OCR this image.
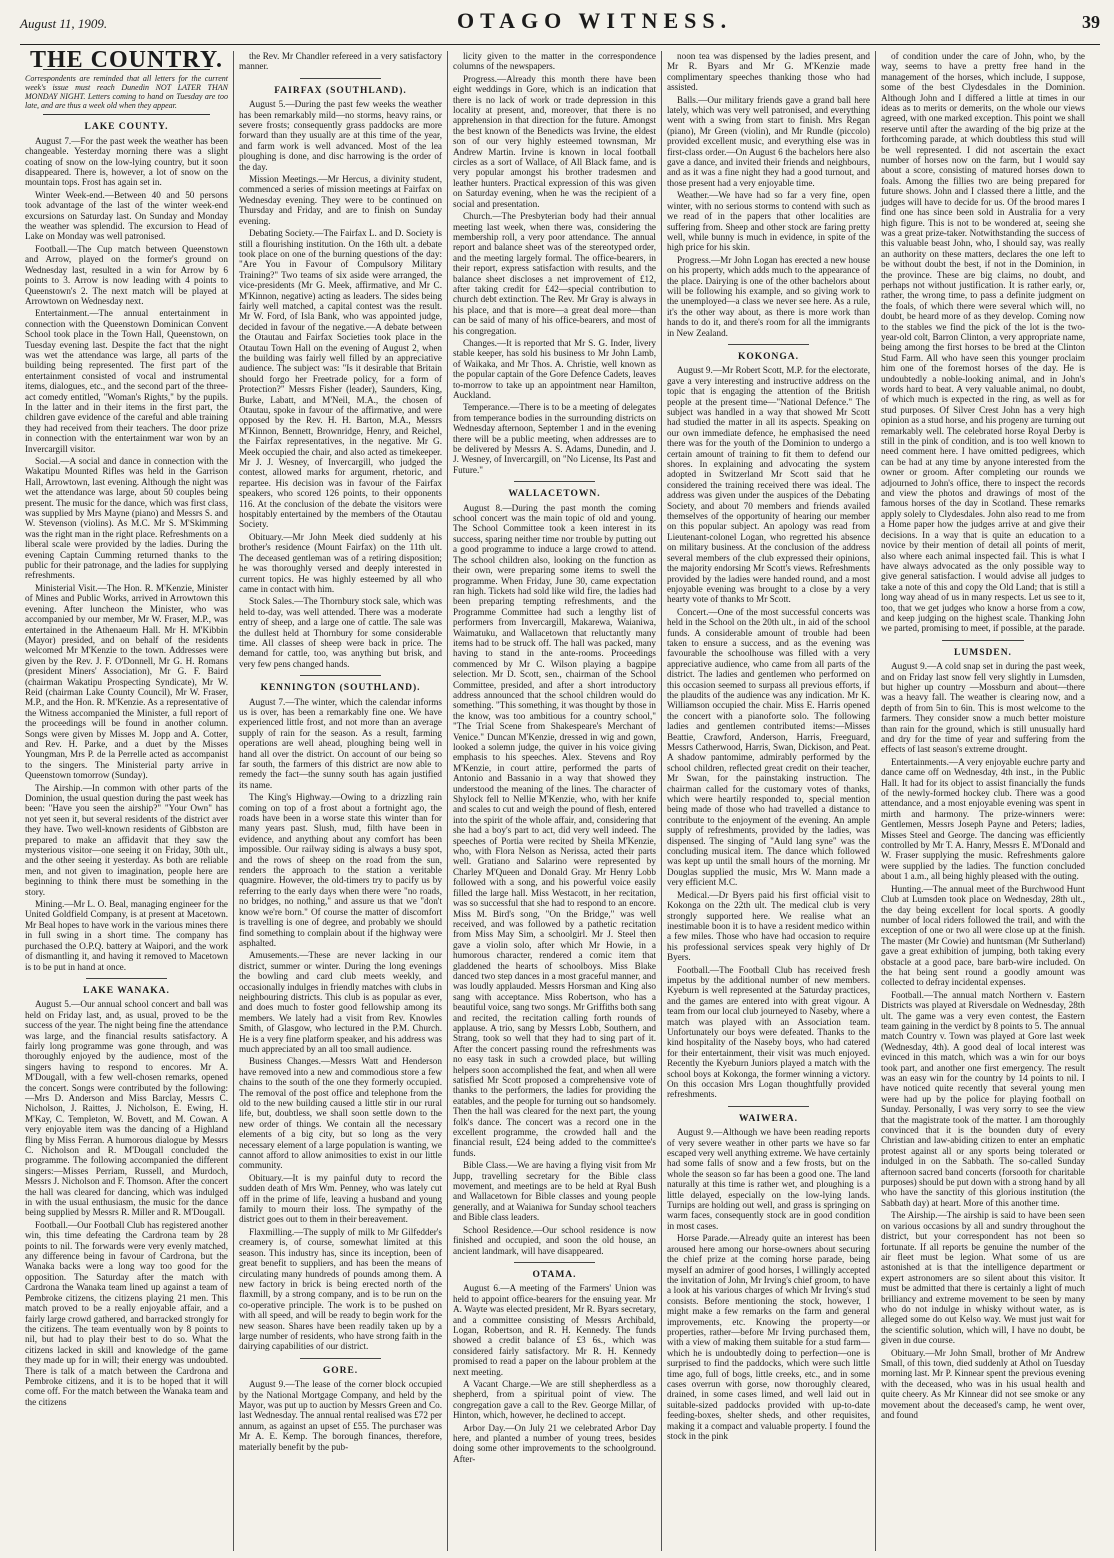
August 11, 1909.	OTAGO WITNESS.	39
THE COUNTRY.
Correspondents are reminded that all letters for the current week's issue must reach Dunedin NOT LATER THAN MONDAY NIGHT. Letters coming to hand on Tuesday are too late, and are thus a week old when they appear.
LAKE COUNTY.

August 7.—For the past week the weather has been changeable. Yesterday morning there was a slight coating of snow on the low-lying country, but it soon disappeared. There is, however, a lot of snow on the mountain tops. Frost has again set in.

Winter Week-end.—Between 40 and 50 persons took advantage of the last of the winter week-end excursions on Saturday last. On Sunday and Monday the weather was splendid. The excursion to Head of Lake on Monday was well patronised.

Football.—The Cup match between Queenstown and Arrow, played on the former's ground on Wednesday last, resulted in a win for Arrow by 6 points to 3. Arrow is now leading with 4 points to Queenstown's 2. The next match will be played at Arrowtown on Wednesday next.

Entertainment.—The annual entertainment in connection with the Queenstown Dominican Convent School took place in the Town Hall, Queenstown, on Tuesday evening last. Despite the fact that the night was wet the attendance was large, all parts of the building being represented. The first part of the entertainment consisted of vocal and instrumental items, dialogues, etc., and the second part of the three-act comedy entitled, "Woman's Rights," by the pupils. In the latter and in their items in the first part, the children gave evidence of the careful and able training they had received from their teachers. The door prize in connection with the entertainment war won by an Invercargill visitor.

Social.—A social and dance in connection with the Wakatipu Mounted Rifles was held in the Garrison Hall, Arrowtown, last evening. Although the night was wet the attendance was large, about 50 couples being present. The music for the dance, which was first class, was supplied by Mrs Mayne (piano) and Messrs S. and W. Stevenson (violins). As M.C. Mr S. M'Skimming was the right man in the right place. Refreshments on a liberal scale were provided by the ladies. During the evening Captain Cumming returned thanks to the public for their patronage, and the ladies for supplying refreshments.

Ministerial Visit.—The Hon. R. M'Kenzie, Minister of Mines and Public Works, arrived in Arrowtown this evening. After luncheon the Minister, who was accompanied by our member, Mr W. Fraser, M.P., was entertained in the Athenaeum Hall. Mr H. M'Kibbin (Mayor) presided, and on behalf of the residents welcomed Mr M'Kenzie to the town. Addresses were given by the Rev. J. F. O'Donnell, Mr G. H. Romans (president Miners' Association), Mr G. F. Baird (chairman Wakatipu Prospecting Syndicate), Mr W. Reid (chairman Lake County Council), Mr W. Fraser, M.P., and the Hon. R. M'Kenzie. As a representative of the Witness accompanied the Minister, a full report of the proceedings will be found in another column. Songs were given by Misses M. Jopp and A. Cotter, and Rev. H. Parke, and a duet by the Misses Youngman, Mrs P. de la Perrelle acted as accompanist to the singers. The Ministerial party arrive in Queenstown tomorrow (Sunday).

The Airship.—In common with other parts of the Dominion, the usual question during the past week has been: "Have you seen the airship?" "Your Own" has not yet seen it, but several residents of the district aver they have. Two well-known residents of Gibbston are prepared to make an affidavit that they saw the mysterious visitor—one seeing it on Friday, 30th ult., and the other seeing it yesterday. As both are reliable men, and not given to imagination, people here are beginning to think there must be something in the story.

Mining.—Mr L. O. Beal, managing engineer for the United Goldfield Company, is at present at Macetown. Mr Beal hopes to have work in the various mines there in full swing in a short time. The company has purchased the O.P.Q. battery at Waipori, and the work of dismantling it, and having it removed to Macetown is to be put in hand at once.

LAKE WANAKA.

August 5.—Our annual school concert and ball was held on Friday last, and, as usual, proved to be the success of the year. The night being fine the attendance was large, and the financial results satisfactory. A fairly long programme was gone through, and was thoroughly enjoyed by the audience, most of the singers having to respond to encores. Mr A. M'Dougall, with a few well-chosen remarks, opened the concert. Songs were contributed by the following:—Mrs D. Anderson and Miss Barclay, Messrs C. Nicholson, J. Raittes, J. Nicholson, E. Ewing, H. M'Kay, C. Templeton, W. Bovett, and M. Cowan. A very enjoyable item was the dancing of a Highland fling by Miss Ferran. A humorous dialogue by Messrs C. Nicholson and R. M'Dougall concluded the programme. The following accompanied the different singers:—Misses Perriam, Russell, and Murdoch, Messrs J. Nicholson and F. Thomson. After the concert the hall was cleared for dancing, which was indulged in with the usual enthusiasm, the music for the dance being supplied by Messrs R. Miller and R. M'Dougall.

Football.—Our Football Club has registered another win, this time defeating the Cardrona team by 28 points to nil. The forwards were very evenly matched, any difference being in favour of Cardrona, but the Wanaka backs were a long way too good for the opposition. The Saturday after the match with Cardrona the Wanaka team lined up against a team of Pembroke citizens, the citizens playing 21 men. This match proved to be a really enjoyable affair, and a fairly large crowd gathered, and barracked strongly for the citizens. The team eventually won by 8 points to nil, but had to play their best to do so. What the citizens lacked in skill and knowledge of the game they made up for in will; their energy was undoubted. There is talk of a match between the Cardrona and Pembroke citizens, and it is to be hoped that it will come off. For the match between the Wanaka team and the citizens

the Rev. Mr Chandler refereed in a very satisfactory manner.

FAIRFAX (SOUTHLAND).

August 5.—During the past few weeks the weather has been remarkably mild—no storms, heavy rains, or severe frosts; consequently grass paddocks are more forward than they usually are at this time of the year, and farm work is well advanced. Most of the lea ploughing is done, and disc harrowing is the order of the day.

Mission Meetings.—Mr Hercus, a divinity student, commenced a series of mission meetings at Fairfax on Wednesday evening. They were to be continued on Thursday and Friday, and are to finish on Sunday evening.

Debating Society.—The Fairfax L. and D. Society is still a flourishing institution. On the 16th ult. a debate took place on one of the burning questions of the day: "Are You in Favour of Compulsory Military Training?" Two teams of six aside were arranged, the vice-presidents (Mr G. Meek, affirmative, and Mr C. M'Kinnon, negative) acting as leaders. The sides being fairly well matched, a capital contest was the result. Mr W. Ford, of Isla Bank, who was appointed judge, decided in favour of the negative.—A debate between the Otautau and Fairfax Societies took place in the Otautau Town Hall on the evening of August 2, when the building was fairly well filled by an appreciative audience. The subject was: "Is it desirable that Britain should forgo her Freetrade policy, for a form of Protection?" Messrs Fisher (leader), Saunders, King, Burke, Labatt, and M'Neil, M.A., the chosen of Otautau, spoke in favour of the affirmative, and were opposed by the Rev. H. H. Barton, M.A., Messrs M'Kinnon, Bennett, Brownridge, Henry, and Reichel, the Fairfax representatives, in the negative. Mr G. Meek occupied the chair, and also acted as timekeeper. Mr J. J. Wesney, of Invercargill, who judged the contest, allowed marks for argument, rhetoric, and repartee. His decision was in favour of the Fairfax speakers, who scored 126 points, to their opponents 116. At the conclusion of the debate the visitors were hospitably entertained by the members of the Otautau Society.

Obituary.—Mr John Meek died suddenly at his brother's residence (Mount Fairfax) on the 11th ult. The deceased gentleman was of a retiring disposition; he was thoroughly versed and deeply interested in current topics. He was highly esteemed by all who came in contact with him.

Stock Sales.—The Thornbury stock sale, which was held to-day, was well attended. There was a moderate entry of sheep, and a large one of cattle. The sale was the dullest held at Thornbury for some considerable time. All classes of sheep were back in price. The demand for cattle, too, was anything but brisk, and very few pens changed hands.

KENNINGTON (SOUTHLAND).

August 7.—The winter, which the calendar informs us is over, has been a remarkably fine one. We have experienced little frost, and not more than an average supply of rain for the season. As a result, farming operations are well ahead, ploughing being well in hand all over the district. On account of our being so far south, the farmers of this district are now able to remedy the fact—the sunny south has again justified its name.

The King's Highway.—Owing to a drizzling rain coming on top of a frost about a fortnight ago, the roads have been in a worse state this winter than for many years past. Slush, mud, filth have been in evidence, and anything about any comfort has been impossible. Our railway siding is always a busy spot, and the rows of sheep on the road from the sun, renders the approach to the station a veritable quagmire. However, the old-timers try to pacify us by referring to the early days when there were "no roads, no bridges, no nothing," and assure us that we "don't know we're born." Of course the matter of discomfort is travelling is one of degree, and probably we should find something to complain about if the highway were asphalted.

Amusements.—These are never lacking in our district, summer or winter. During the long evenings the bowling and card club meets weekly, and occasionally indulges in friendly matches with clubs in neighbouring districts. This club is as popular as ever, and does much to foster good fellowship among its members. We lately had a visit from Rev. Knowles Smith, of Glasgow, who lectured in the P.M. Church. He is a very fine platform speaker, and his address was much appreciated by an all too small audience.

Business Changes.—Messrs Watt and Henderson have removed into a new and commodious store a few chains to the south of the one they formerly occupied. The removal of the post office and telephone from the old to the new building caused a little stir in our rural life, but, doubtless, we shall soon settle down to the new order of things. We contain all the necessary elements of a big city, but so long as the very necessary element of a large population is wanting, we cannot afford to allow animosities to exist in our little community.

Obituary.—It is my painful duty to record the sudden death of Mrs Wm. Penney, who was lately cut off in the prime of life, leaving a husband and young family to mourn their loss. The sympathy of the district goes out to them in their bereavement.

Flaxmilling.—The supply of milk to Mr Gilfedder's creamery is, of course, somewhat limited at this season. This industry has, since its inception, been of great benefit to suppliers, and has been the means of circulating many hundreds of pounds among them. A new factory in brick is being erected north of the flaxmill, by a strong company, and is to be run on the co-operative principle. The work is to be pushed on with all speed, and will be ready to begin work for the new season. Shares have been readily taken up by a large number of residents, who have strong faith in the dairying capabilities of our district.

GORE.

August 9.—The lease of the corner block occupied by the National Mortgage Company, and held by the Mayor, was put up to auction by Messrs Green and Co. last Wednesday. The annual rental realised was £72 per annum, as against an upset of £55. The purchaser was Mr A. E. Kemp. The borough finances, therefore, materially benefit by the pub-

licity given to the matter in the correspondence columns of the newspapers.

Progress.—Already this month there have been eight weddings in Gore, which is an indication that there is no lack of work or trade depression in this locality at present, and, moreover, that there is no apprehension in that direction for the future. Amongst the best known of the Benedicts was Irvine, the eldest son of our very highly esteemed townsman, Mr Andrew Martin. Irvine is known in local football circles as a sort of Wallace, of All Black fame, and is very popular amongst his brother tradesmen and leather hunters. Practical expression of this was given on Saturday evening, when he was the recipient of a social and presentation.

Church.—The Presbyterian body had their annual meeting last week, when there was, considering the membership roll, a very poor attendance. The annual report and balance sheet was of the stereotyped order, and the meeting largely formal. The office-bearers, in their report, express satisfaction with results, and the balance sheet discloses a net improvement of £12, after taking credit for £42—special contribution to church debt extinction. The Rev. Mr Gray is always in his place, and that is more—a great deal more—than can be said of many of his office-bearers, and most of his congregation.

Changes.—It is reported that Mr S. G. Inder, livery stable keeper, has sold his business to Mr John Lamb, of Waikaka, and Mr Thos. A. Christie, well known as the popular captain of the Gore Defence Cadets, leaves to-morrow to take up an appointment near Hamilton, Auckland.

Temperance.—There is to be a meeting of delegates from temperance bodies in the surrounding districts on Wednesday afternoon, September 1 and in the evening there will be a public meeting, when addresses are to be delivered by Messrs A. S. Adams, Dunedin, and J. J. Wesney, of Invercargill, on "No License, Its Past and Future."

WALLACETOWN.

August 8.—During the past month the coming school concert was the main topic of old and young. The School Committee took a keen interest in its success, sparing neither time nor trouble by putting out a good programme to induce a large crowd to attend. The school children also, looking on the function as their own, were preparing some items to swell the programme. When Friday, June 30, came expectation ran high. Tickets had sold like wild fire, the ladies had been preparing tempting refreshments, and the Programme Committee had such a lengthy list of performers from Invercargill, Makarewa, Waianiwa, Waimatuku, and Wallacetown that reluctantly many items had to be struck off. The hall was packed, many having to stand in the ante-rooms. Proceedings commenced by Mr C. Wilson playing a bagpipe selection. Mr D. Scott, sen., chairman of the School Committee, presided, and after a short introductory address announced that the school children would do something. "This something, it was thought by those in the know, was too ambitious for a country school," "The Trial Scene from Shakespeare's Merchant of Venice." Duncan M'Kenzie, dressed in wig and gown, looked a solemn judge, the quiver in his voice giving emphasis to his speeches. Alex. Stevens and Roy M'Kenzie, in court attire, performed the parts of Antonio and Bassanio in a way that showed they understood the meaning of the lines. The character of Shylock fell to Nellie M'Kenzie, who, with her knife and scales to cut and weigh the pound of flesh, entered into the spirit of the whole affair, and, considering that she had a boy's part to act, did very well indeed. The speeches of Portia were recited by Sheila M'Kenzie, who, with Flora Nelson as Nerissa, acted their parts well. Gratiano and Salarino were represented by Charley M'Queen and Donald Gray. Mr Henry Lobb followed with a song, and his powerful voice easily filled the large hall. Miss Westacott, in her recitation, was so successful that she had to respond to an encore. Miss M. Bird's song, "On the Bridge," was well received, and was followed by a pathetic recitation from Miss May Sim, a schoolgirl. Mr J. Steel then gave a violin solo, after which Mr Howie, in a humorous character, rendered a comic item that gladdened the hearts of schoolboys. Miss Blake danced two step dances in a most graceful manner, and was loudly applauded. Messrs Horsman and King also sang with acceptance. Miss Robertson, who has a beautiful voice, sang two songs. Mr Griffiths both sang and recited, the recitation calling forth rounds of applause. A trio, sang by Messrs Lobb, Southern, and Strang, took so well that they had to sing part of it. After the concert passing round the refreshments was no easy task in such a crowded place, but willing helpers soon accomplished the feat, and when all were satisfied Mr Scott proposed a comprehensive vote of thanks to the performers, the ladies for providing the eatables, and the people for turning out so handsomely. Then the hall was cleared for the next part, the young folk's dance. The concert was a record one in the excellent programme, the crowded hall and the financial result, £24 being added to the committee's funds.

Bible Class.—We are having a flying visit from Mr Jupp, travelling secretary for the Bible class movement, and meetings are to be held at Ryal Bush and Wallacetown for Bible classes and young people generally, and at Waianiwa for Sunday school teachers and Bible class leaders.

School Residence.—Our school residence is now finished and occupied, and soon the old house, an ancient landmark, will have disappeared.

OTAMA.

August 6.—A meeting of the Farmers' Union was held to appoint office-bearers for the ensuing year. Mr A. Wayte was elected president, Mr R. Byars secretary, and a committee consisting of Messrs Archibald, Logan, Robertson, and R. H. Kennedy. The funds showed a credit balance of £3 6s., which was considered fairly satisfactory. Mr R. H. Kennedy promised to read a paper on the labour problem at the next meeting.

A Vacant Charge.—We are still shepherdless as a shepherd, from a spiritual point of view. The congregation gave a call to the Rev. George Millar, of Hinton, which, however, he declined to accept.

Arbor Day.—On July 21 we celebrated Arbor Day here, and planted a number of young trees, besides doing some other improvements to the schoolground. After-

noon tea was dispensed by the ladies present, and Mr R. Byars and Mr G. M'Kenzie made complimentary speeches thanking those who had assisted.

Balls.—Our military friends gave a grand ball here lately, which was very well patronised, and everything went with a swing from start to finish. Mrs Regan (piano), Mr Green (violin), and Mr Rundle (piccolo) provided excellent music, and everything else was in first-class order.—On August 6 the bachelors here also gave a dance, and invited their friends and neighbours, and as it was a fine night they had a good turnout, and those present had a very enjoyable time.

Weather.—We have had so far a very fine, open winter, with no serious storms to contend with such as we read of in the papers that other localities are suffering from. Sheep and other stock are faring pretty well, while bunny is much in evidence, in spite of the high price for his skin.

Progress.—Mr John Logan has erected a new house on his property, which adds much to the appearance of the place. Dairying is one of the other bachelors about will be following his example, and so giving work to the unemployed—a class we never see here. As a rule, it's the other way about, as there is more work than hands to do it, and there's room for all the immigrants in New Zealand.

KOKONGA.

August 9.—Mr Robert Scott, M.P. for the electorate, gave a very interesting and instructive address on the topic that is engaging the attention of the British people at the present time—"National Defence." The subject was handled in a way that showed Mr Scott had studied the matter in all its aspects. Speaking on our own immediate defence, he emphasised the need there was for the youth of the Dominion to undergo a certain amount of training to fit them to defend our shores. In explaining and advocating the system adopted in Switzerland Mr Scott said that he considered the training received there was ideal. The address was given under the auspices of the Debating Society, and about 70 members and friends availed themselves of the opportunity of hearing our member on this popular subject. An apology was read from Lieutenant-colonel Logan, who regretted his absence on military business. At the conclusion of the address several members of the club expressed their opinions, the majority endorsing Mr Scott's views. Refreshments provided by the ladies were handed round, and a most enjoyable evening was brought to a close by a very hearty vote of thanks to Mr Scott.

Concert.—One of the most successful concerts was held in the School on the 20th ult., in aid of the school funds. A considerable amount of trouble had been taken to ensure a success, and as the evening was favourable the schoolhouse was filled with a very appreciative audience, who came from all parts of the district. The ladies and gentlemen who performed on this occasion seemed to surpass all previous efforts, if the plaudits of the audience was any indication. Mr K. Williamson occupied the chair. Miss E. Harris opened the concert with a pianoforte solo. The following ladies and gentlemen contributed items:—Misses Beattie, Crawford, Anderson, Harris, Freeguard, Messrs Catherwood, Harris, Swan, Dickison, and Peat. A shadow pantomime, admirably performed by the school children, reflected great credit on their teacher, Mr Swan, for the painstaking instruction. The chairman called for the customary votes of thanks, which were heartily responded to, special mention being made of those who had travelled a distance to contribute to the enjoyment of the evening. An ample supply of refreshments, provided by the ladies, was dispensed. The singing of "Auld lang syne" was the concluding musical item. The dance which followed was kept up until the small hours of the morning. Mr Douglas supplied the music, Mrs W. Mann made a very efficient M.C.

Medical.—Dr Byers paid his first official visit to Kokonga on the 22th ult. The medical club is very strongly supported here. We realise what an inestimable boon it is to have a resident medico within a few miles. Those who have had occasion to require his professional services speak very highly of Dr Byers.

Football.—The Football Club has received fresh impetus by the additional number of new members. Kyeburn is well represented at the Saturday practices, and the games are entered into with great vigour. A team from our local club journeyed to Naseby, where a match was played with an Association team. Unfortunately our boys were defeated. Thanks to the kind hospitality of the Naseby boys, who had catered for their entertainment, their visit was much enjoyed. Recently the Kyeburn Juniors played a match with the school boys at Kokonga, the former winning a victory. On this occasion Mrs Logan thoughtfully provided refreshments.

WAIWERA.

August 9.—Although we have been reading reports of very severe weather in other parts we have so far escaped very well anything extreme. We have certainly had some falls of snow and a few frosts, but on the whole the season so far has been a good one. The land naturally at this time is rather wet, and ploughing is a little delayed, especially on the low-lying lands. Turnips are holding out well, and grass is springing on warm faces, consequently stock are in good condition in most cases.

Horse Parade.—Already quite an interest has been aroused here among our horse-owners about securing the chief prize at the coming horse parade, being myself an admirer of good horses, I willingly accepted the invitation of John, Mr Irving's chief groom, to have a look at his various charges of which Mr Irving's stud consists. Before mentioning the stock, however, I might make a few remarks on the farm and general improvements, etc. Knowing the property—or properties, rather—before Mr Irving purchased them, with a view of making them suitable for a stud farm—which he is undoubtedly doing to perfection—one is surprised to find the paddocks, which were such little time ago, full of bogs, little creeks, etc., and in some cases overrun with gorse, now thoroughly cleared, drained, in some cases limed, and well laid out in suitable-sized paddocks provided with up-to-date feeding-boxes, shelter sheds, and other requisites, making it a compact and valuable property. I found the stock in the pink

of condition under the care of John, who, by the way, seems to have a pretty free hand in the management of the horses, which include, I suppose, some of the best Clydesdales in the Dominion. Although John and I differed a little at times in our ideas as to merits or demerits, on the whole our views agreed, with one marked exception. This point we shall reserve until after the awarding of the big prize at the forthcoming parade, at which doubtless this stud will be well represented. I did not ascertain the exact number of horses now on the farm, but I would say about a score, consisting of matured horses down to foals. Among the fillies two are being prepared for future shows. John and I classed there a little, and the judges will have to decide for us. Of the brood mares I find one has since been sold in Australia for a very high figure. This is not to be wondered at, seeing she was a great prize-taker. Notwithstanding the success of this valuable beast John, who, I should say, was really an authority on these matters, declares the one left to be without doubt the best, if not in the Dominion, in the province. These are big claims, no doubt, and perhaps not without justification. It is rather early, or, rather, the wrong time, to pass a definite judgment on the foals, of which there were several which will, no doubt, be heard more of as they develop. Coming now to the stables we find the pick of the lot is the two-year-old colt, Barron Clinton, a very appropriate name, being among the first horses to be bred at the Clinton Stud Farm. All who have seen this younger proclaim him one of the foremost horses of the day. He is undoubtedly a noble-looking animal, and in John's words hard to beat. A very valuable animal, no doubt, of which much is expected in the ring, as well as for stud purposes. Of Silver Crest John has a very high opinion as a stud horse, and his progeny are turning out remarkably well. The celebrated horse Royal Derby is still in the pink of condition, and is too well known to need comment here. I have omitted pedigrees, which can be had at any time by anyone interested from the owner or groom. After completing our rounds we adjourned to John's office, there to inspect the records and view the photos and drawings of most of the famous horses of the day in Scotland. These remarks apply solely to Clydesdales. John also read to me from a Home paper how the judges arrive at and give their decisions. In a way that is quite an education to a novice by their mention of detail all points of merit, also where each animal inspected fail. This is what I have always advocated as the only possible way to give general satisfaction. I would advise all judges to take a note of this and copy the Old Land; that is still a long way ahead of us in many respects. Let us see to it, too, that we get judges who know a horse from a cow, and keep judging on the highest scale. Thanking John we parted, promising to meet, if possible, at the parade.

LUMSDEN.

August 9.—A cold snap set in during the past week, and on Friday last snow fell very slightly in Lumsden, but higher up country —Mossburn and about—there was a heavy fall. The weather is clearing now, and a depth of from 5in to 6in. This is most welcome to the farmers. They consider snow a much better moisture than rain for the ground, which is still unusually hard and dry for the time of year and suffering from the effects of last season's extreme drought.

Entertainments.—A very enjoyable euchre party and dance came off on Wednesday, 4th inst., in the Public Hall. It had for its object to assist financially the funds of the newly-formed hockey club. There was a good attendance, and a most enjoyable evening was spent in mirth and harmony. The prize-winners were: Gentlemen, Messrs Joseph Payne and Peters; ladies, Misses Steel and George. The dancing was efficiently controlled by Mr T. A. Hanry, Messrs E. M'Donald and W. Fraser supplying the music. Refreshments galore were supplied by the ladies. The function concluded about 1 a.m., all being highly pleased with the outing.

Hunting.—The annual meet of the Burchwood Hunt Club at Lumsden took place on Wednesday, 28th ult., the day being excellent for local sports. A goodly number of local riders followed the trail, and with the exception of one or two all were close up at the finish. The master (Mr Cowie) and huntsman (Mr Sutherland) gave a great exhibition of jumping, both taking every obstacle at a good pace, bare barb-wire included. On the hat being sent round a goodly amount was collected to defray incidental expenses.

Football.—The annual match Northern v. Eastern Districts was played at Riversdale on Wednesday, 28th ult. The game was a very even contest, the Eastern team gaining in the verdict by 8 points to 5. The annual match Country v. Town was played at Gore last week (Wednesday, 4th). A good deal of local interest was evinced in this match, which was a win for our boys took part, and another one first emergency. The result was an easy win for the country by 14 points to nil. I have noticed quite recently that several young men were had up by the police for playing football on Sunday. Personally, I was very sorry to see the view that the magistrate took of the matter. I am thoroughly convinced that it is the bounden duty of every Christian and law-abiding citizen to enter an emphatic protest against all or any sports being tolerated or indulged in on the Sabbath. The so-called Sunday afternoon sacred band concerts (forsooth for charitable purposes) should be put down with a strong hand by all who have the sanctity of this glorious institution (the Sabbath day) at heart. More of this another time.

The Airship.—The airship is said to have been seen on various occasions by all and sundry throughout the district, but your correspondent has not been so fortunate. If all reports be genuine the number of the air fleet must be legion. What some of us are astonished at is that the intelligence department or expert astronomers are so silent about this visitor. It must be admitted that there is certainly a light of much brilliancy and extreme movement to be seen by many who do not indulge in whisky without water, as is alleged some do out Kelso way. We must just wait for the scientific solution, which will, I have no doubt, be given in due course.

Obituary.—Mr John Small, brother of Mr Andrew Small, of this town, died suddenly at Athol on Tuesday morning last. Mr P. Kinnear spent the previous evening with the deceased, who was in his usual health and quite cheery. As Mr Kinnear did not see smoke or any movement about the deceased's camp, he went over, and found
